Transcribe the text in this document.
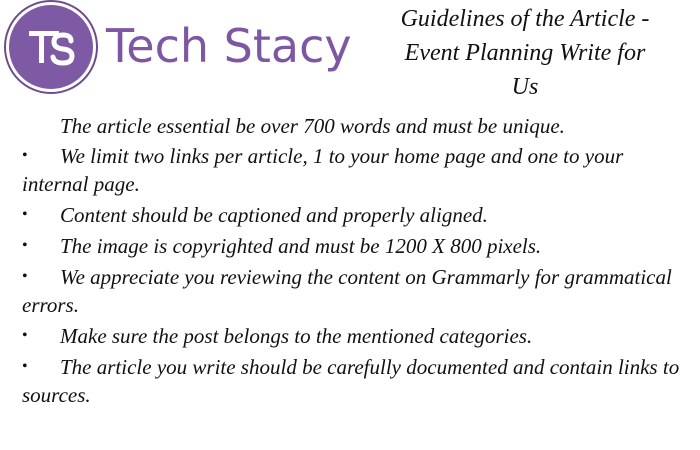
Tech Stacy	Guidelines of the Article -
Event Planning Write for
Us

The article essential be over 700 words and must be unique.

• We limit two links per article, 1 to your home page and one to your internal page.
• Content should be captioned and properly aligned.
• The image is copyrighted and must be 1200 X 800 pixels.
• We appreciate you reviewing the content on Grammarly for grammatical errors.
• Make sure the post belongs to the mentioned categories.
• The article you write should be carefully documented and contain links to sources.
